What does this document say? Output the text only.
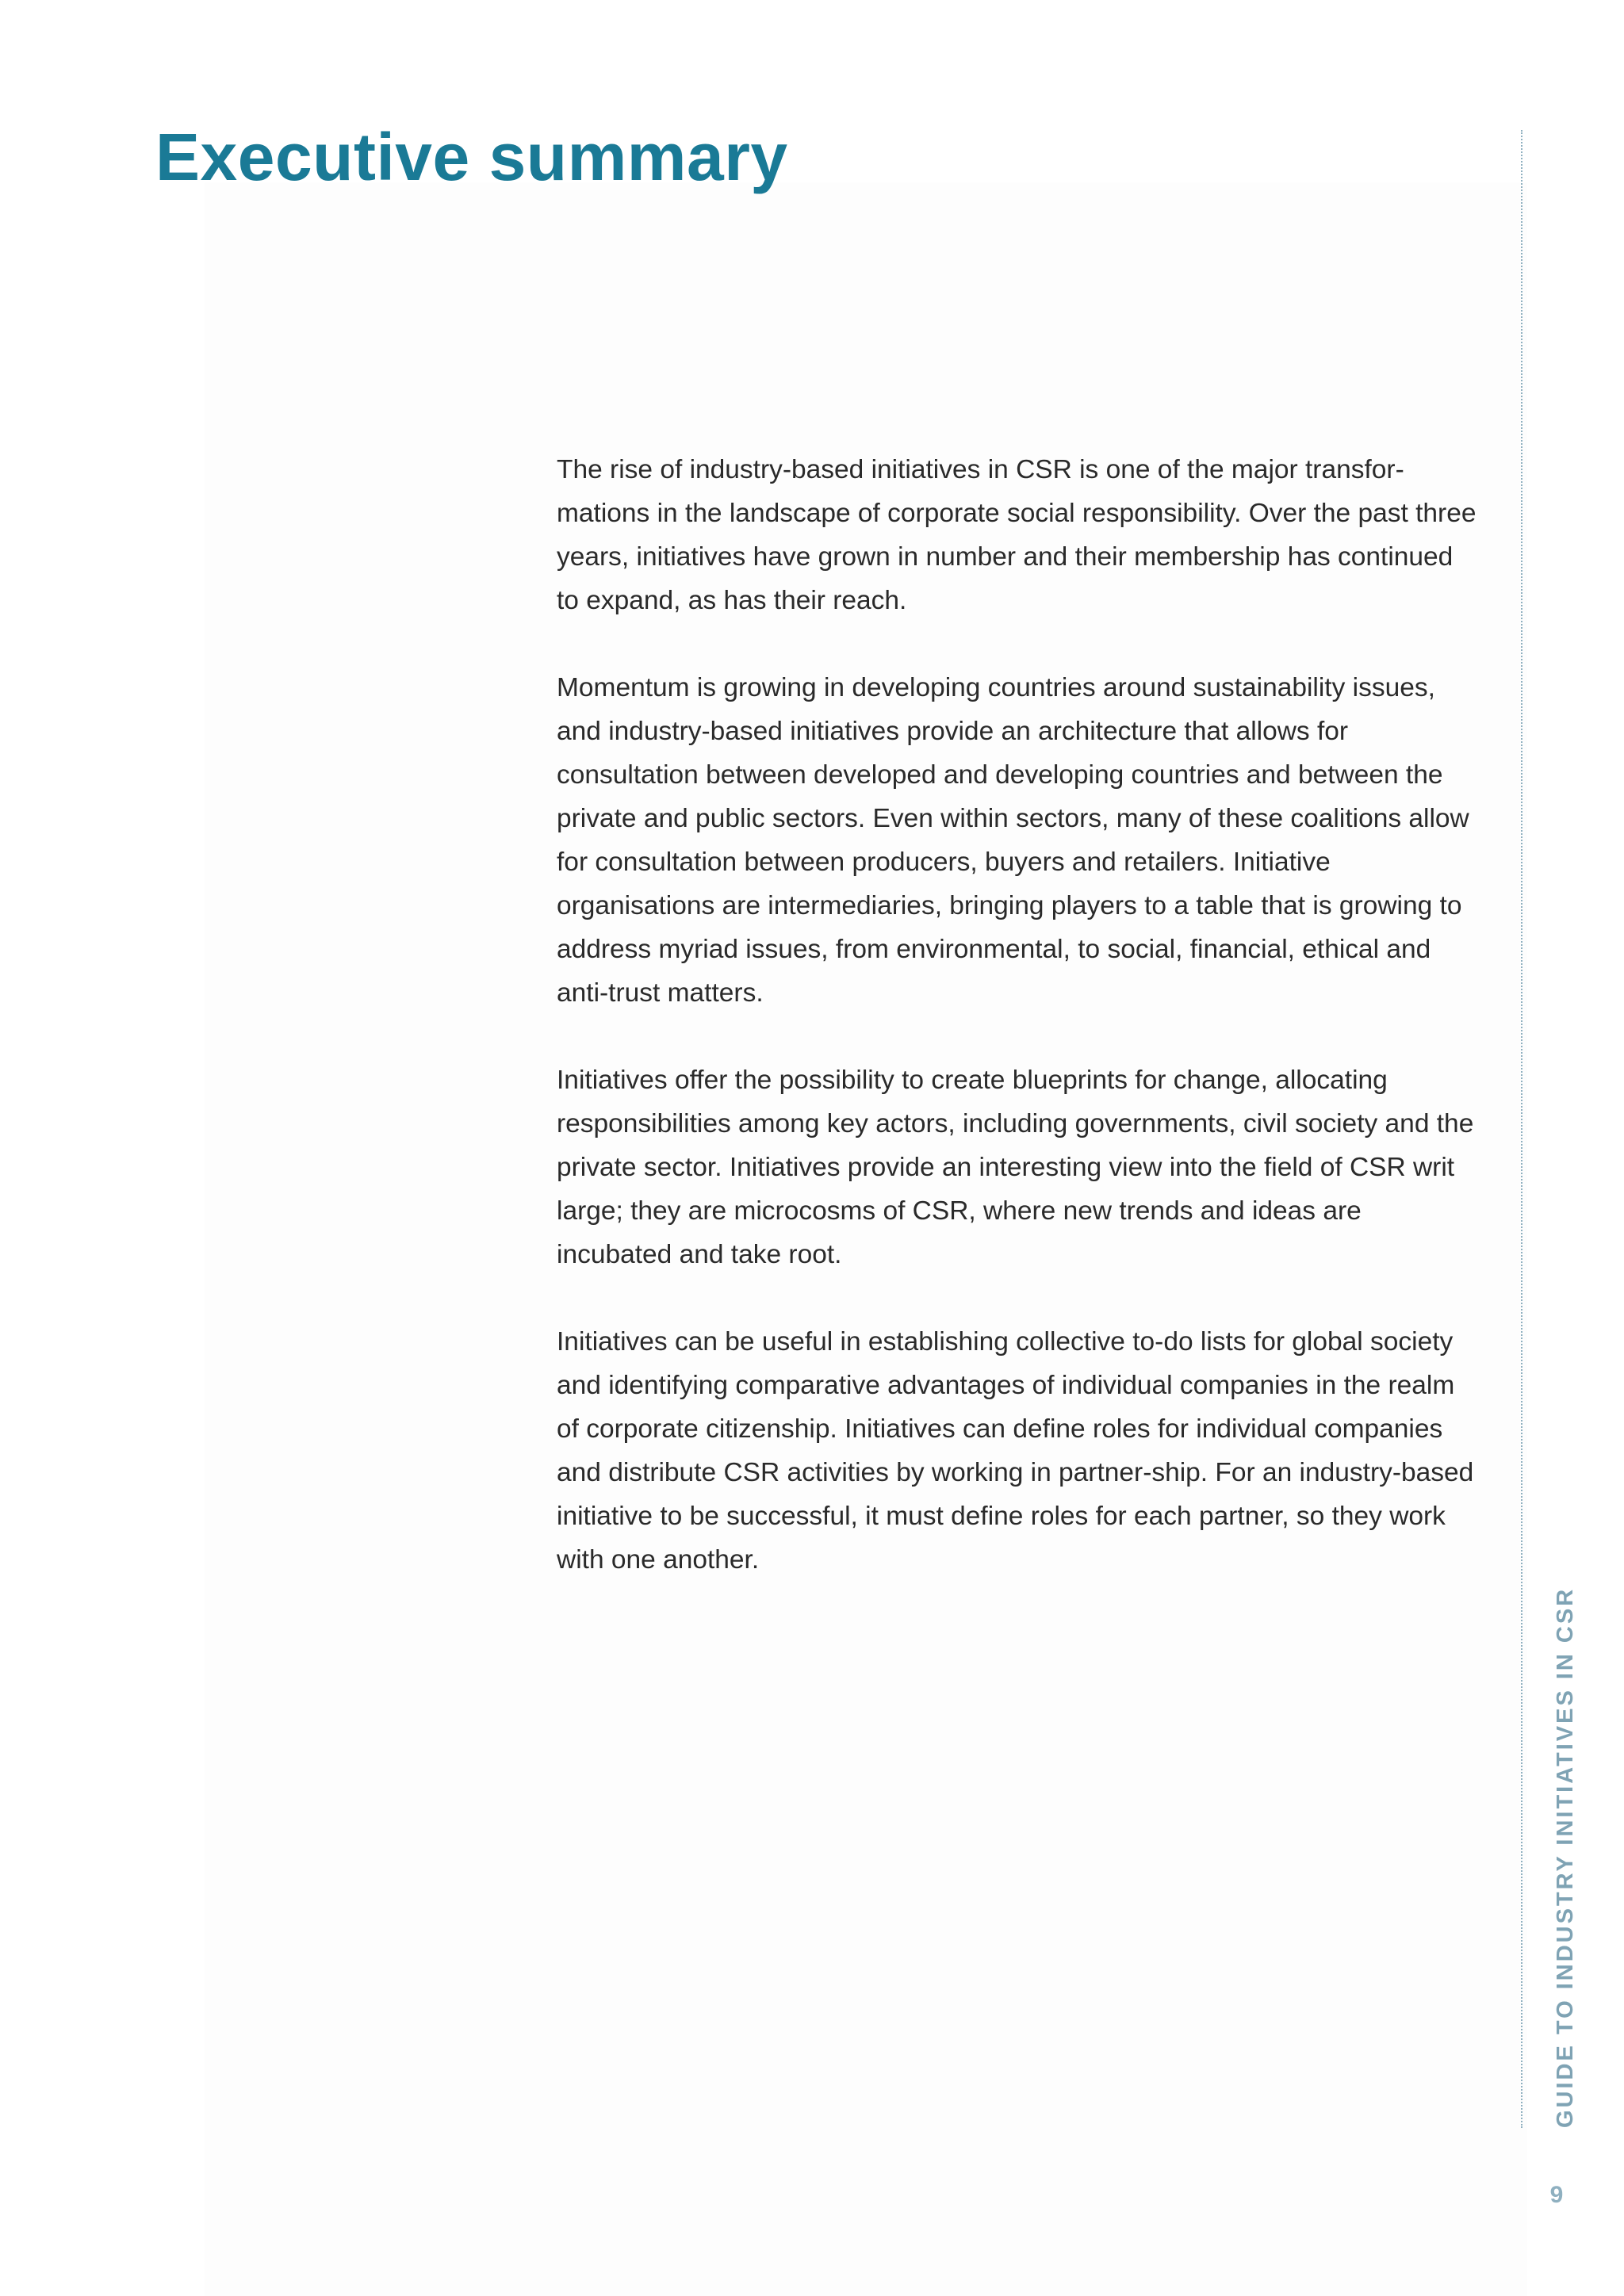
Executive summary

The rise of industry-based initiatives in CSR is one of the major transfor-mations in the landscape of corporate social responsibility. Over the past three years, initiatives have grown in number and their membership has continued to expand, as has their reach.

Momentum is growing in developing countries around sustainability issues, and industry-based initiatives provide an architecture that allows for consultation between developed and developing countries and between the private and public sectors. Even within sectors, many of these coalitions allow for consultation between producers, buyers and retailers. Initiative organisations are intermediaries, bringing players to a table that is growing to address myriad issues, from environmental, to social, financial, ethical and anti-trust matters.

Initiatives offer the possibility to create blueprints for change, allocating responsibilities among key actors, including governments, civil society and the private sector. Initiatives provide an interesting view into the field of CSR writ large; they are microcosms of CSR, where new trends and ideas are incubated and take root.

Initiatives can be useful in establishing collective to-do lists for global society and identifying comparative advantages of individual companies in the realm of corporate citizenship. Initiatives can define roles for individual companies and distribute CSR activities by working in partner-ship. For an industry-based initiative to be successful, it must define roles for each partner, so they work with one another.

GUIDE TO INDUSTRY INITIATIVES IN CSR
9
